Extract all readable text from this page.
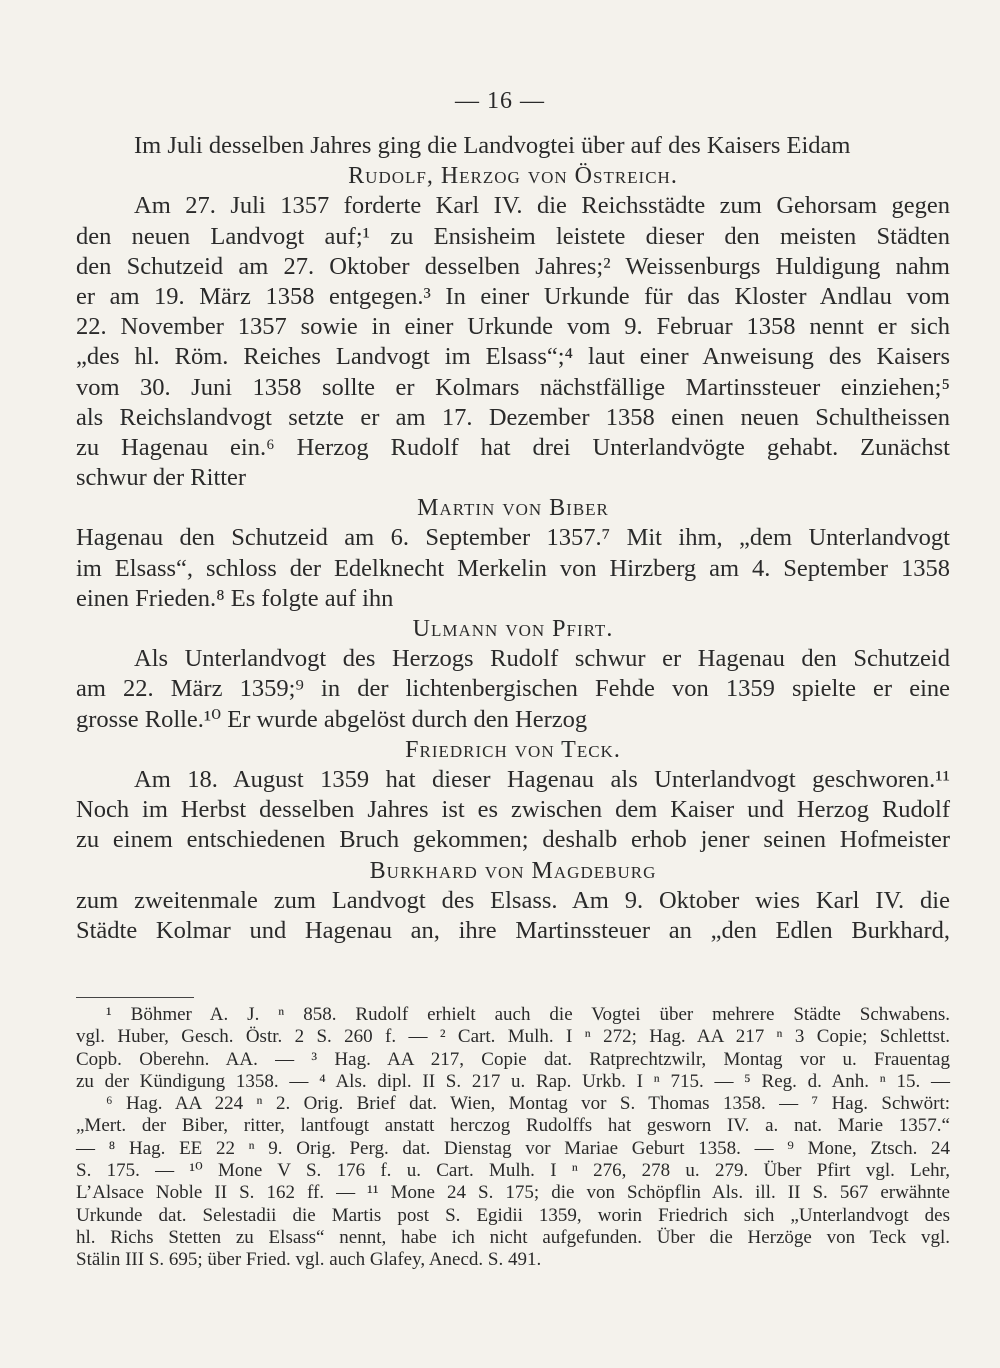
— 16 —
Im Juli desselben Jahres ging die Landvogtei über auf des Kaisers Eidam
Rudolf, Herzog von Östreich.
Am 27. Juli 1357 forderte Karl IV. die Reichsstädte zum Gehorsam gegen
den neuen Landvogt auf;¹ zu Ensisheim leistete dieser den meisten Städten
den Schutzeid am 27. Oktober desselben Jahres;² Weissenburgs Huldigung nahm
er am 19. März 1358 entgegen.³ In einer Urkunde für das Kloster Andlau vom
22. November 1357 sowie in einer Urkunde vom 9. Februar 1358 nennt er sich
„des hl. Röm. Reiches Landvogt im Elsass“;⁴ laut einer Anweisung des Kaisers
vom 30. Juni 1358 sollte er Kolmars nächstfällige Martinssteuer einziehen;⁵
als Reichslandvogt setzte er am 17. Dezember 1358 einen neuen Schultheissen
zu Hagenau ein.⁶ Herzog Rudolf hat drei Unterlandvögte gehabt. Zunächst
schwur der Ritter
Martin von Biber
Hagenau den Schutzeid am 6. September 1357.⁷ Mit ihm, „dem Unterlandvogt
im Elsass“, schloss der Edelknecht Merkelin von Hirzberg am 4. September 1358
einen Frieden.⁸ Es folgte auf ihn
Ulmann von Pfirt.
Als Unterlandvogt des Herzogs Rudolf schwur er Hagenau den Schutzeid
am 22. März 1359;⁹ in der lichtenbergischen Fehde von 1359 spielte er eine
grosse Rolle.¹⁰ Er wurde abgelöst durch den Herzog
Friedrich von Teck.
Am 18. August 1359 hat dieser Hagenau als Unterlandvogt geschworen.¹¹
Noch im Herbst desselben Jahres ist es zwischen dem Kaiser und Herzog Rudolf
zu einem entschiedenen Bruch gekommen; deshalb erhob jener seinen Hofmeister
Burkhard von Magdeburg
zum zweitenmale zum Landvogt des Elsass. Am 9. Oktober wies Karl IV. die
Städte Kolmar und Hagenau an, ihre Martinssteuer an „den Edlen Burkhard,
¹ Böhmer A. J. ⁿ 858. Rudolf erhielt auch die Vogtei über mehrere Städte Schwabens.
vgl. Huber, Gesch. Östr. 2 S. 260 f. — ² Cart. Mulh. I ⁿ 272; Hag. AA 217 ⁿ 3 Copie; Schlettst.
Copb. Oberehn. AA. — ³ Hag. AA 217, Copie dat. Ratprechtzwilr, Montag vor u. Frauentag
zu der Kündigung 1358. — ⁴ Als. dipl. II S. 217 u. Rap. Urkb. I ⁿ 715. — ⁵ Reg. d. Anh. ⁿ 15. —
⁶ Hag. AA 224 ⁿ 2. Orig. Brief dat. Wien, Montag vor S. Thomas 1358. — ⁷ Hag. Schwört:
„Mert. der Biber, ritter, lantfougt anstatt herczog Rudolffs hat gesworn IV. a. nat. Marie 1357.“
— ⁸ Hag. EE 22 ⁿ 9. Orig. Perg. dat. Dienstag vor Mariae Geburt 1358. — ⁹ Mone, Ztsch. 24
S. 175. — ¹⁰ Mone V S. 176 f. u. Cart. Mulh. I ⁿ 276, 278 u. 279. Über Pfirt vgl. Lehr,
L’Alsace Noble II S. 162 ff. — ¹¹ Mone 24 S. 175; die von Schöpflin Als. ill. II S. 567 erwähnte
Urkunde dat. Selestadii die Martis post S. Egidii 1359, worin Friedrich sich „Unterlandvogt des
hl. Richs Stetten zu Elsass“ nennt, habe ich nicht aufgefunden. Über die Herzöge von Teck vgl.
Stälin III S. 695; über Fried. vgl. auch Glafey, Anecd. S. 491.
